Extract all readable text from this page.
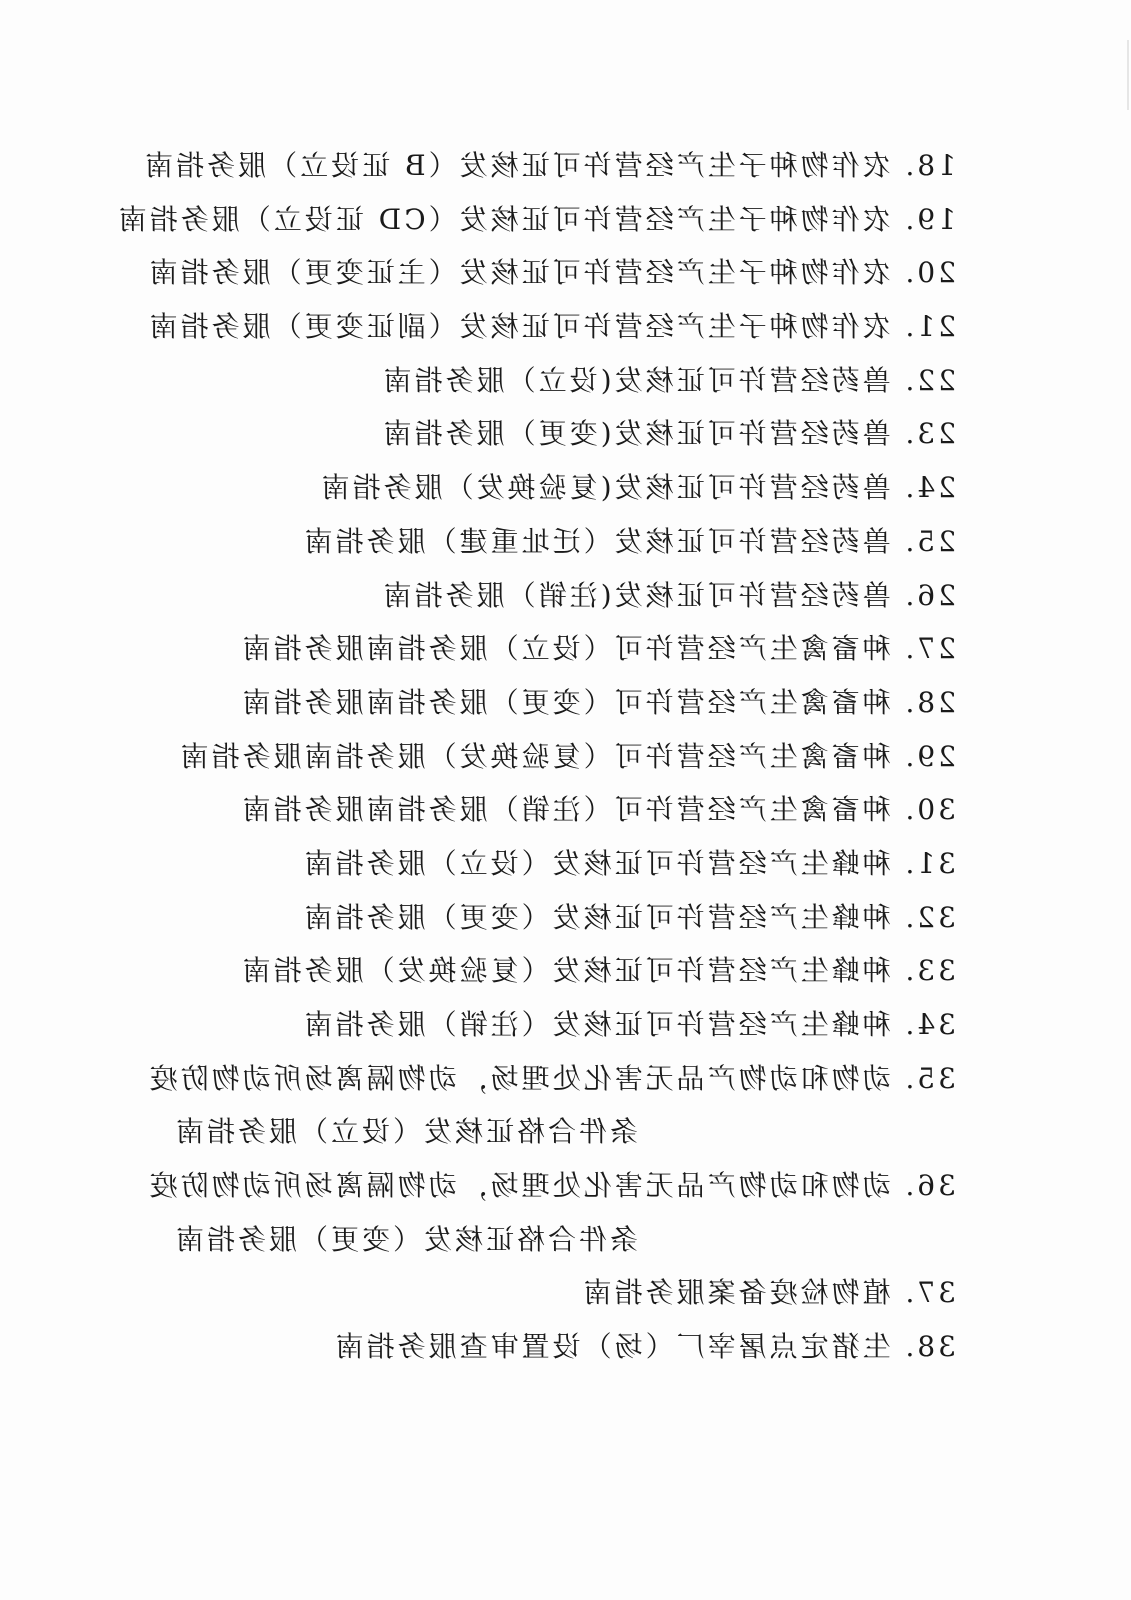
18. 农作物种子生产经营许可证核发（B 证设立）服务指南
19. 农作物种子生产经营许可证核发（CD 证设立）服务指南
20. 农作物种子生产经营许可证核发（主证变更）服务指南
21. 农作物种子生产经营许可证核发（副证变更）服务指南
22. 兽药经营许可证核发(设立）服务指南
23. 兽药经营许可证核发(变更）服务指南
24. 兽药经营许可证核发(复验换发）服务指南
25. 兽药经营许可证核发（迁址重建）服务指南
26. 兽药经营许可证核发(注销）服务指南
27. 种畜禽生产经营许可（设立）服务指南服务指南
28. 种畜禽生产经营许可（变更）服务指南服务指南
29. 种畜禽生产经营许可（复验换发）服务指南服务指南
30. 种畜禽生产经营许可（注销）服务指南服务指南
31. 种蜂生产经营许可证核发（设立）服务指南
32. 种蜂生产经营许可证核发（变更）服务指南
33. 种蜂生产经营许可证核发（复验换发）服务指南
34. 种蜂生产经营许可证核发（注销）服务指南
35. 动物和动物产品无害化处理场，动物隔离场所动物防疫
条件合格证核发（设立）服务指南
36. 动物和动物产品无害化处理场，动物隔离场所动物防疫
条件合格证核发（变更）服务指南
37. 植物检疫备案服务指南
38. 生猪定点屠宰厂（场）设置审查服务指南
